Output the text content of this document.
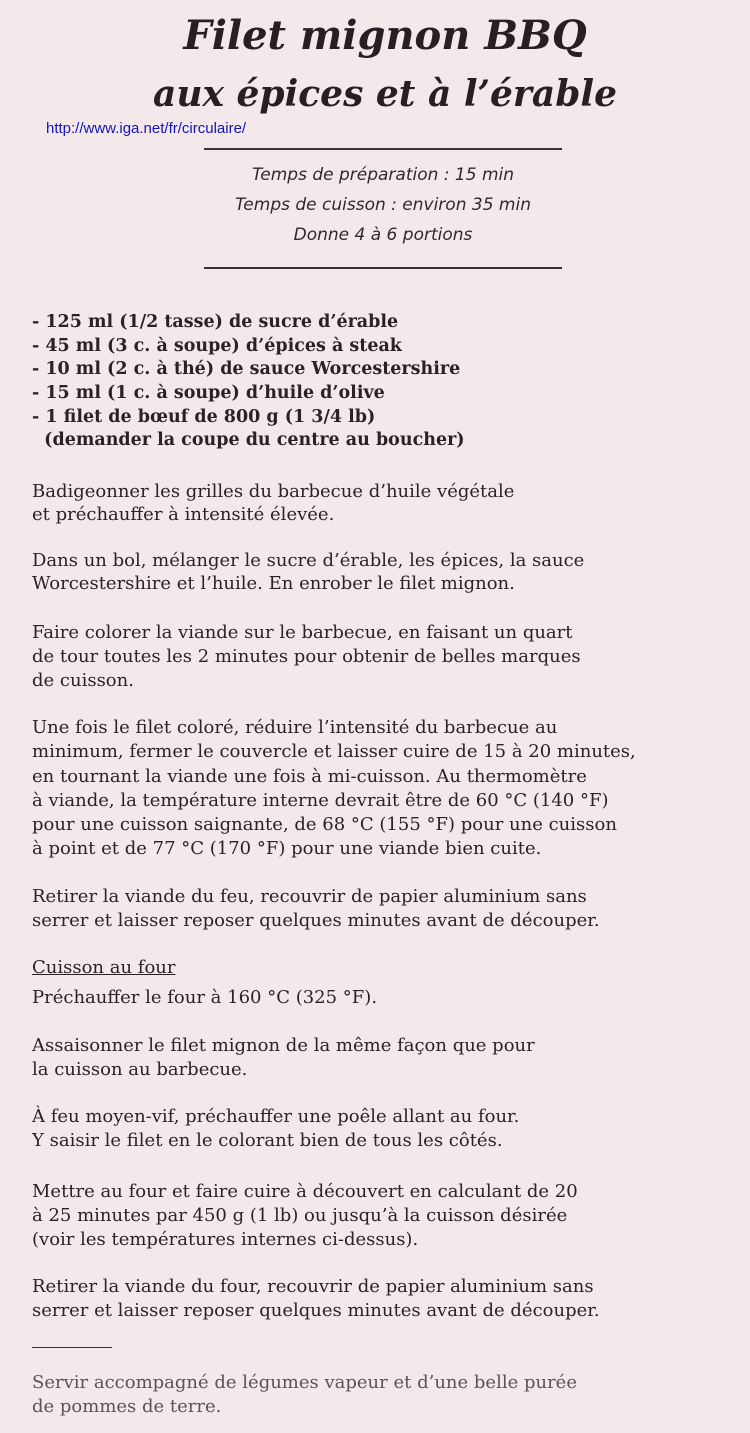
Filet mignon BBQ
aux épices et à l’érable
http://www.iga.net/fr/circulaire/
Temps de préparation : 15 min
Temps de cuisson : environ 35 min
Donne 4 à 6 portions
- 125 ml (1/2 tasse) de sucre d’érable
- 45 ml (3 c. à soupe) d’épices à steak
- 10 ml (2 c. à thé) de sauce Worcestershire
- 15 ml (1 c. à soupe) d’huile d’olive
- 1 filet de bœuf de 800 g (1 3/4 lb)
(demander la coupe du centre au boucher)
Badigeonner les grilles du barbecue d’huile végétale
et préchauffer à intensité élevée.
Dans un bol, mélanger le sucre d’érable, les épices, la sauce
Worcestershire et l’huile. En enrober le filet mignon.
Faire colorer la viande sur le barbecue, en faisant un quart
de tour toutes les 2 minutes pour obtenir de belles marques
de cuisson.
Une fois le filet coloré, réduire l’intensité du barbecue au
minimum, fermer le couvercle et laisser cuire de 15 à 20 minutes,
en tournant la viande une fois à mi-cuisson. Au thermomètre
à viande, la température interne devrait être de 60 °C (140 °F)
pour une cuisson saignante, de 68 °C (155 °F) pour une cuisson
à point et de 77 °C (170 °F) pour une viande bien cuite.
Retirer la viande du feu, recouvrir de papier aluminium sans
serrer et laisser reposer quelques minutes avant de découper.
Cuisson au four
Préchauffer le four à 160 °C (325 °F).
Assaisonner le filet mignon de la même façon que pour
la cuisson au barbecue.
À feu moyen-vif, préchauffer une poêle allant au four.
Y saisir le filet en le colorant bien de tous les côtés.
Mettre au four et faire cuire à découvert en calculant de 20
à 25 minutes par 450 g (1 lb) ou jusqu’à la cuisson désirée
(voir les températures internes ci-dessus).
Retirer la viande du four, recouvrir de papier aluminium sans
serrer et laisser reposer quelques minutes avant de découper.
Servir accompagné de légumes vapeur et d’une belle purée
de pommes de terre.
